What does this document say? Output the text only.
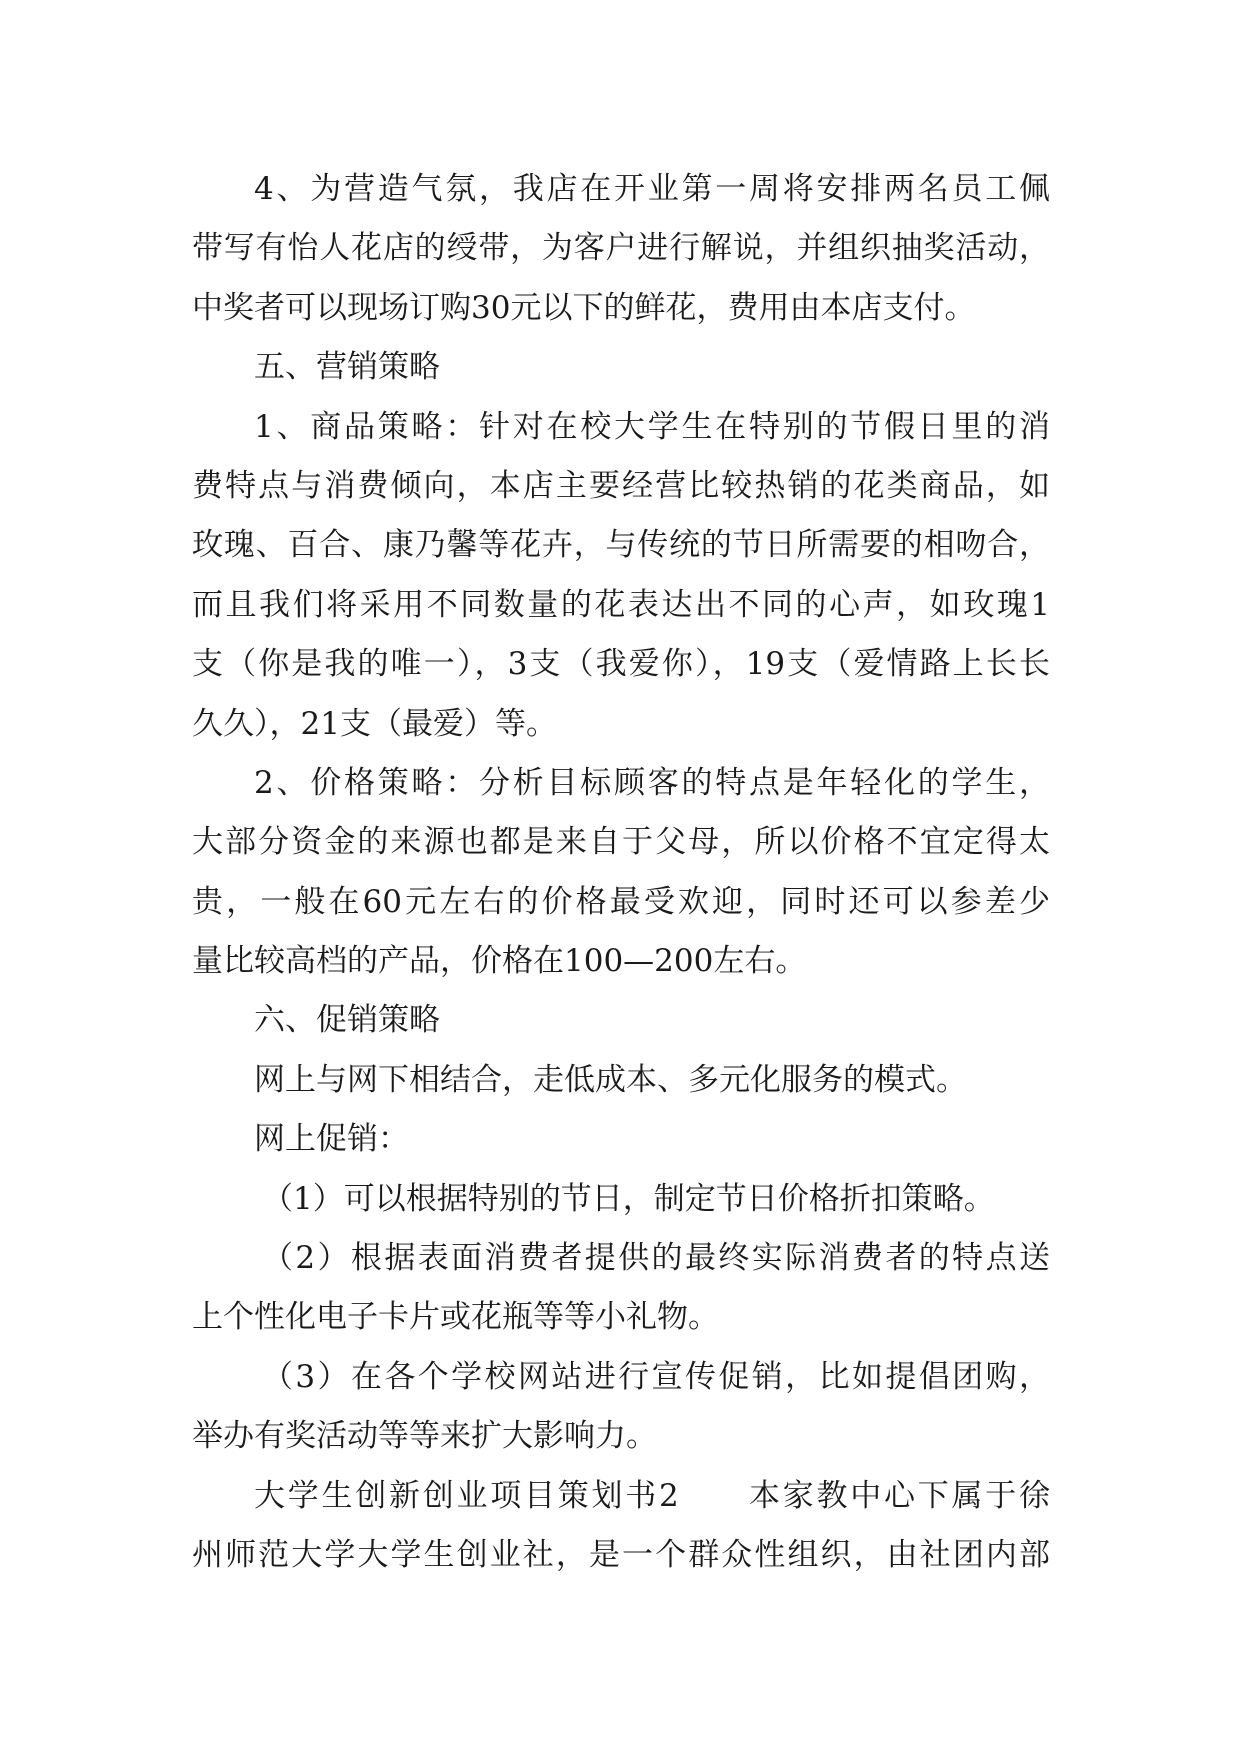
4、为营造气氛，我店在开业第一周将安排两名员工佩
带写有怡人花店的绶带，为客户进行解说，并组织抽奖活动，
中奖者可以现场订购30元以下的鲜花，费用由本店支付。
五、营销策略
1、商品策略：针对在校大学生在特别的节假日里的消
费特点与消费倾向，本店主要经营比较热销的花类商品，如
玫瑰、百合、康乃馨等花卉，与传统的节日所需要的相吻合，
而且我们将采用不同数量的花表达出不同的心声，如玫瑰1
支（你是我的唯一），3支（我爱你），19支（爱情路上长长
久久），21支（最爱）等。
2、价格策略：分析目标顾客的特点是年轻化的学生，
大部分资金的来源也都是来自于父母，所以价格不宜定得太
贵，一般在60元左右的价格最受欢迎，同时还可以参差少
量比较高档的产品，价格在100—200左右。
六、促销策略
网上与网下相结合，走低成本、多元化服务的模式。
网上促销：
（1）可以根据特别的节日，制定节日价格折扣策略。
（2）根据表面消费者提供的最终实际消费者的特点送
上个性化电子卡片或花瓶等等小礼物。
（3）在各个学校网站进行宣传促销，比如提倡团购，
举办有奖活动等等来扩大影响力。
大学生创新创业项目策划书2　　本家教中心下属于徐
州师范大学大学生创业社，是一个群众性组织，由社团内部
